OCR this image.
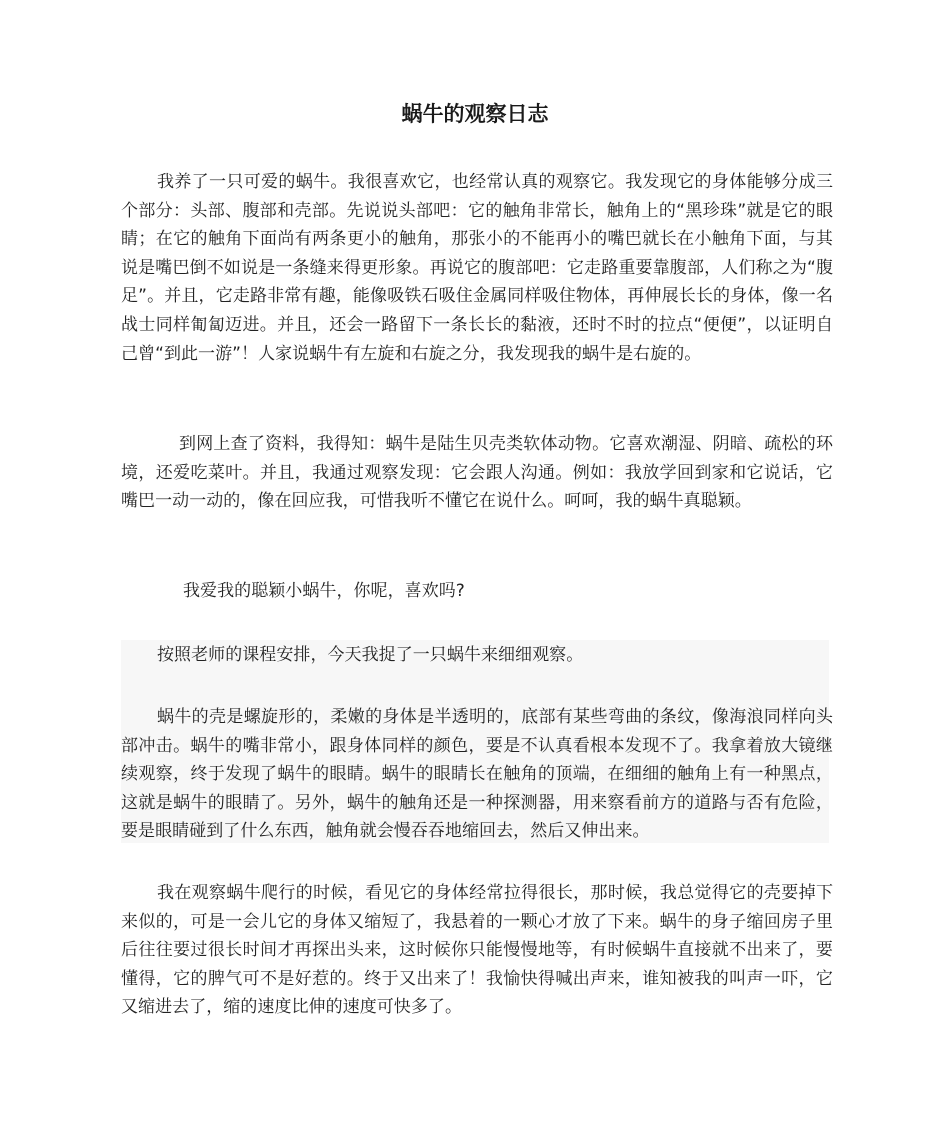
蜗牛的观察日志
我养了一只可爱的蜗牛。我很喜欢它，也经常认真的观察它。我发现它的身体能够分成三个部分：头部、腹部和壳部。先说说头部吧：它的触角非常长，触角上的“黑珍珠”就是它的眼睛；在它的触角下面尚有两条更小的触角，那张小的不能再小的嘴巴就长在小触角下面，与其说是嘴巴倒不如说是一条缝来得更形象。再说它的腹部吧：它走路重要靠腹部，人们称之为“腹足”。并且，它走路非常有趣，能像吸铁石吸住金属同样吸住物体，再伸展长长的身体，像一名战士同样匍匐迈进。并且，还会一路留下一条长长的黏液，还时不时的拉点“便便”，以证明自己曾“到此一游”！人家说蜗牛有左旋和右旋之分，我发现我的蜗牛是右旋的。
到网上查了资料，我得知：蜗牛是陆生贝壳类软体动物。它喜欢潮湿、阴暗、疏松的环境，还爱吃菜叶。并且，我通过观察发现：它会跟人沟通。例如：我放学回到家和它说话，它嘴巴一动一动的，像在回应我，可惜我听不懂它在说什么。呵呵，我的蜗牛真聪颖。
我爱我的聪颖小蜗牛，你呢，喜欢吗?
按照老师的课程安排，今天我捉了一只蜗牛来细细观察。
蜗牛的壳是螺旋形的，柔嫩的身体是半透明的，底部有某些弯曲的条纹，像海浪同样向头部冲击。蜗牛的嘴非常小，跟身体同样的颜色，要是不认真看根本发现不了。我拿着放大镜继续观察，终于发现了蜗牛的眼睛。蜗牛的眼睛长在触角的顶端，在细细的触角上有一种黑点，这就是蜗牛的眼睛了。另外，蜗牛的触角还是一种探测器，用来察看前方的道路与否有危险，要是眼睛碰到了什么东西，触角就会慢吞吞地缩回去，然后又伸出来。
我在观察蜗牛爬行的时候，看见它的身体经常拉得很长，那时候，我总觉得它的壳要掉下来似的，可是一会儿它的身体又缩短了，我悬着的一颗心才放了下来。蜗牛的身子缩回房子里后往往要过很长时间才再探出头来，这时候你只能慢慢地等，有时候蜗牛直接就不出来了，要懂得，它的脾气可不是好惹的。终于又出来了！我愉快得喊出声来，谁知被我的叫声一吓，它又缩进去了，缩的速度比伸的速度可快多了。
